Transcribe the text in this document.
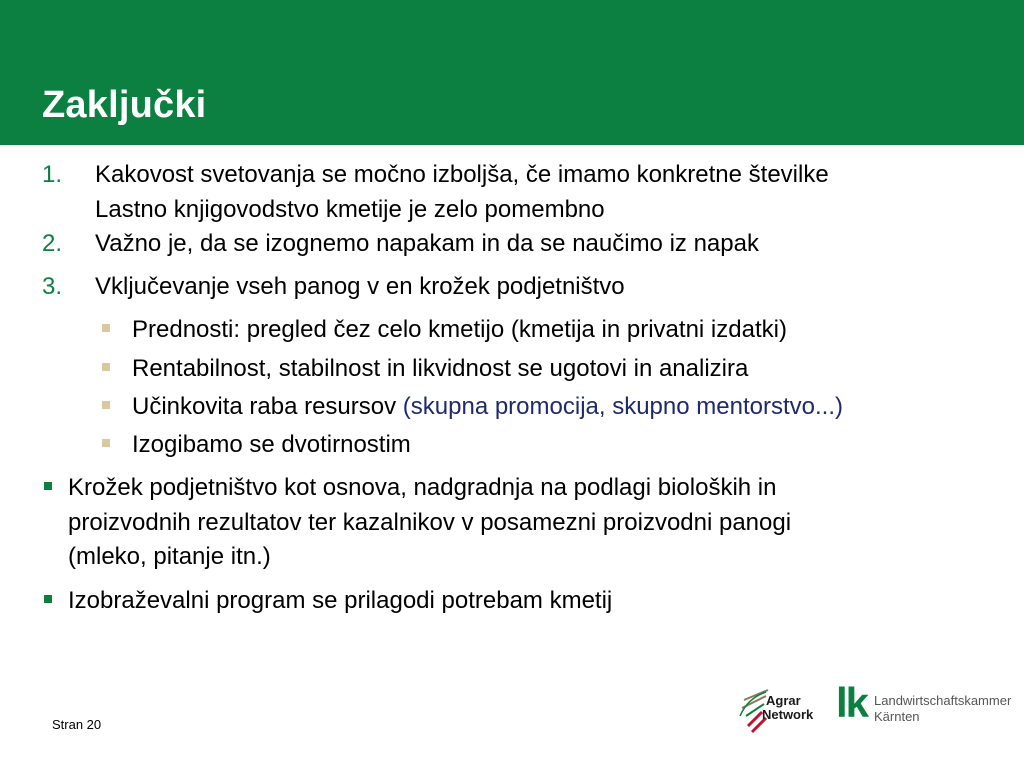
Zaključki
1. Kakovost svetovanja se močno izboljša, če imamo konkretne številke
Lastno knjigovodstvo kmetije je zelo pomembno
2. Važno je, da se izognemo napakam in da se naučimo iz napak
3. Vključevanje vseh panog v en krožek podjetništvo
Prednosti: pregled čez celo kmetijo (kmetija in privatni izdatki)
Rentabilnost, stabilnost in likvidnost se ugotovi in analizira
Učinkovita raba resursov (skupna promocija, skupno mentorstvo...)
Izogibamo se dvotirnostim
Krožek podjetništvo kot osnova, nadgradnja na podlagi bioloških in
proizvodnih rezultatov ter kazalnikov v posamezni proizvodni panogi
(mleko, pitanje itn.)
Izobraževalni program se prilagodi potrebam kmetij
Stran 20
Agrar
Network lk Landwirtschaftskammer
Kärnten
